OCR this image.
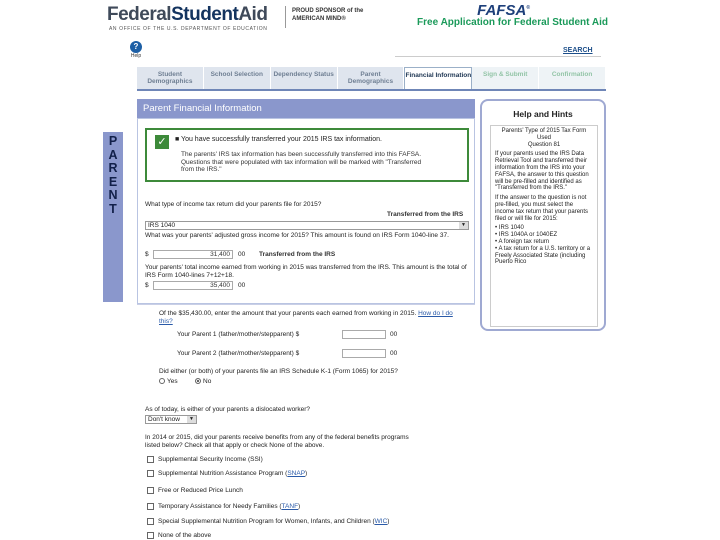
FederalStudentAid
AN OFFICE OF THE U.S. DEPARTMENT OF EDUCATION
PROUD SPONSOR of the AMERICAN MIND®	FAFSA®
Free Application for Federal Student Aid
?
Help
SEARCH
Student Demographics
School Selection	Dependency Status	Parent Demographics
Financial Information	Sign & Submit	Confirmation
P
A
R
E
N
T
Parent Financial Information
✓	■ You have successfully transferred your 2015 IRS tax information.
The parents' IRS tax information has been successfully transferred into this FAFSA. Questions that were populated with tax information will be marked with "Transferred from the IRS."
What type of income tax return did your parents file for 2015?
Transferred from the IRS
IRS 1040	▼
What was your parents' adjusted gross income for 2015? This amount is found on IRS Form 1040-line 37.
$	31,400	00 Transferred from the IRS
Your parents' total income earned from working in 2015 was transferred from the IRS. This amount is the total of IRS Form 1040-lines 7+12+18.
$	35,400	00
Of the $35,430.00, enter the amount that your parents each earned from working in 2015. How do I do this?
Your Parent 1 (father/mother/stepparent) $	00
Your Parent 2 (father/mother/stepparent) $	00
Did either (or both) of your parents file an IRS Schedule K-1 (Form 1065) for 2015?
Yes	No
As of today, is either of your parents a dislocated worker?
Don't know	▼
In 2014 or 2015, did your parents receive benefits from any of the federal benefits programs listed below? Check all that apply or check None of the above.
Supplemental Security Income (SSI)
Supplemental Nutrition Assistance Program (SNAP)
Free or Reduced Price Lunch
Temporary Assistance for Needy Families (TANF)
Special Supplemental Nutrition Program for Women, Infants, and Children (WIC)
None of the above
Help and Hints
Parents' Type of 2015 Tax Form Used
Question 81

If your parents used the IRS Data Retrieval Tool and transferred their information from the IRS into your FAFSA, the answer to this question will be pre-filled and identified as "Transferred from the IRS."

If the answer to the question is not pre-filled, you must select the income tax return that your parents filed or will file for 2015:

• IRS 1040
• IRS 1040A or 1040EZ
• A foreign tax return
• A tax return for a U.S. territory or a Freely Associated State (including Puerto Rico
